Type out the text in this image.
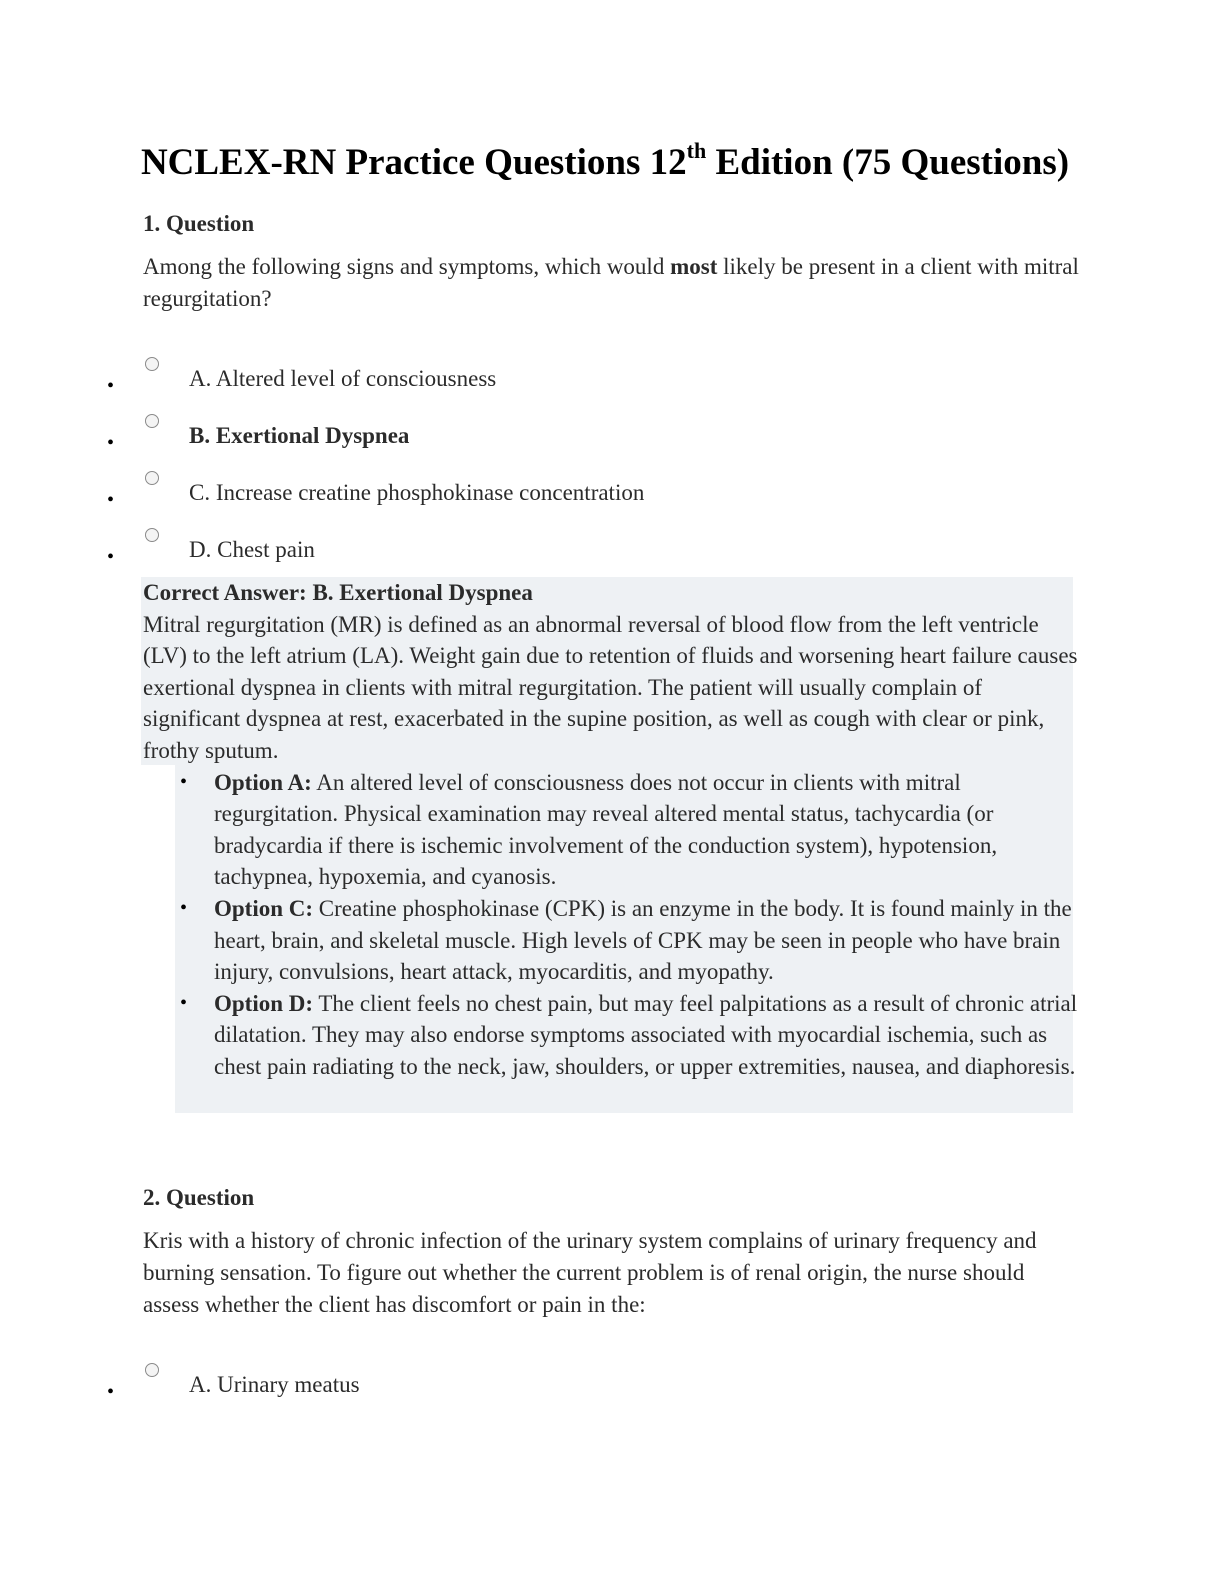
NCLEX-RN Practice Questions 12th Edition (75 Questions)
1. Question
Among the following signs and symptoms, which would most likely be present in a client with mitral regurgitation?
•	A. Altered level of consciousness
•	B. Exertional Dyspnea
•	C. Increase creatine phosphokinase concentration
•	D. Chest pain
Correct Answer: B. Exertional Dyspnea
Mitral regurgitation (MR) is defined as an abnormal reversal of blood flow from the left ventricle (LV) to the left atrium (LA). Weight gain due to retention of fluids and worsening heart failure causes exertional dyspnea in clients with mitral regurgitation. The patient will usually complain of significant dyspnea at rest, exacerbated in the supine position, as well as cough with clear or pink, frothy sputum.
• Option A: An altered level of consciousness does not occur in clients with mitral regurgitation. Physical examination may reveal altered mental status, tachycardia (or bradycardia if there is ischemic involvement of the conduction system), hypotension, tachypnea, hypoxemia, and cyanosis.
• Option C: Creatine phosphokinase (CPK) is an enzyme in the body. It is found mainly in the heart, brain, and skeletal muscle. High levels of CPK may be seen in people who have brain injury, convulsions, heart attack, myocarditis, and myopathy.
• Option D: The client feels no chest pain, but may feel palpitations as a result of chronic atrial dilatation. They may also endorse symptoms associated with myocardial ischemia, such as chest pain radiating to the neck, jaw, shoulders, or upper extremities, nausea, and diaphoresis.
2. Question
Kris with a history of chronic infection of the urinary system complains of urinary frequency and burning sensation. To figure out whether the current problem is of renal origin, the nurse should assess whether the client has discomfort or pain in the:
•	A. Urinary meatus
